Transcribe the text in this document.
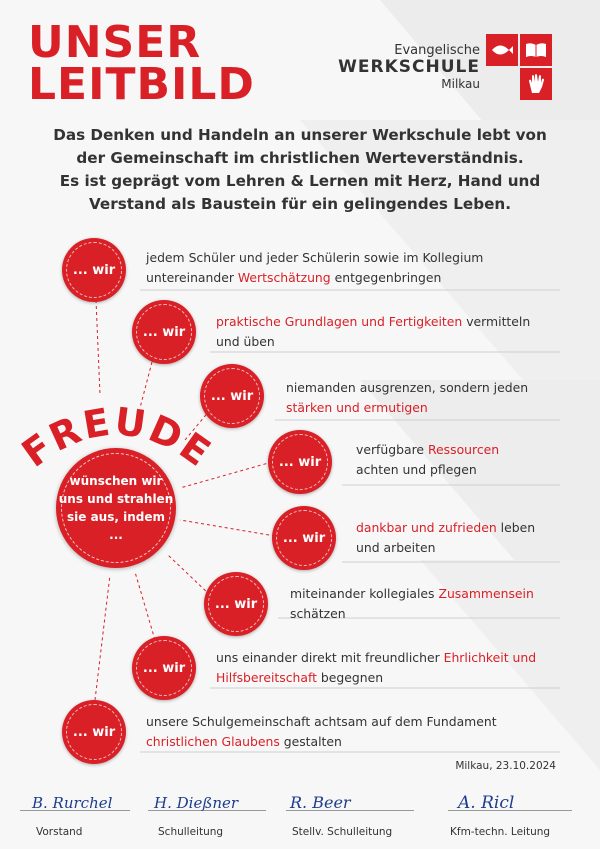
UNSER
LEITBILD
Evangelische
WERKSCHULE
Milkau
Das Denken und Handeln an unserer Werkschule lebt von
der Gemeinschaft im christlichen Werteverständnis.
Es ist geprägt vom Lehren & Lernen mit Herz, Hand und
Verstand als Baustein für ein gelingendes Leben.
FREUDE
wünschen wir
uns und strahlen
sie aus, indem
...
... wir
jedem Schüler und jeder Schülerin sowie im Kollegium
untereinander Wertschätzung entgegenbringen
... wir
praktische Grundlagen und Fertigkeiten vermitteln
und üben
... wir
niemanden ausgrenzen, sondern jeden
stärken und ermutigen
... wir
verfügbare Ressourcen
achten und pflegen
... wir
dankbar und zufrieden leben
und arbeiten
... wir
miteinander kollegiales Zusammensein
schätzen
... wir
uns einander direkt mit freundlicher Ehrlichkeit und
Hilfsbereitschaft begegnen
... wir
unsere Schulgemeinschaft achtsam auf dem Fundament
christlichen Glaubens gestalten
Milkau, 23.10.2024
B. Rurchel	H. Dießner	R. Beer	A. Ricl
Vorstand	Schulleitung	Stellv. Schulleitung	Kfm-techn. Leitung
